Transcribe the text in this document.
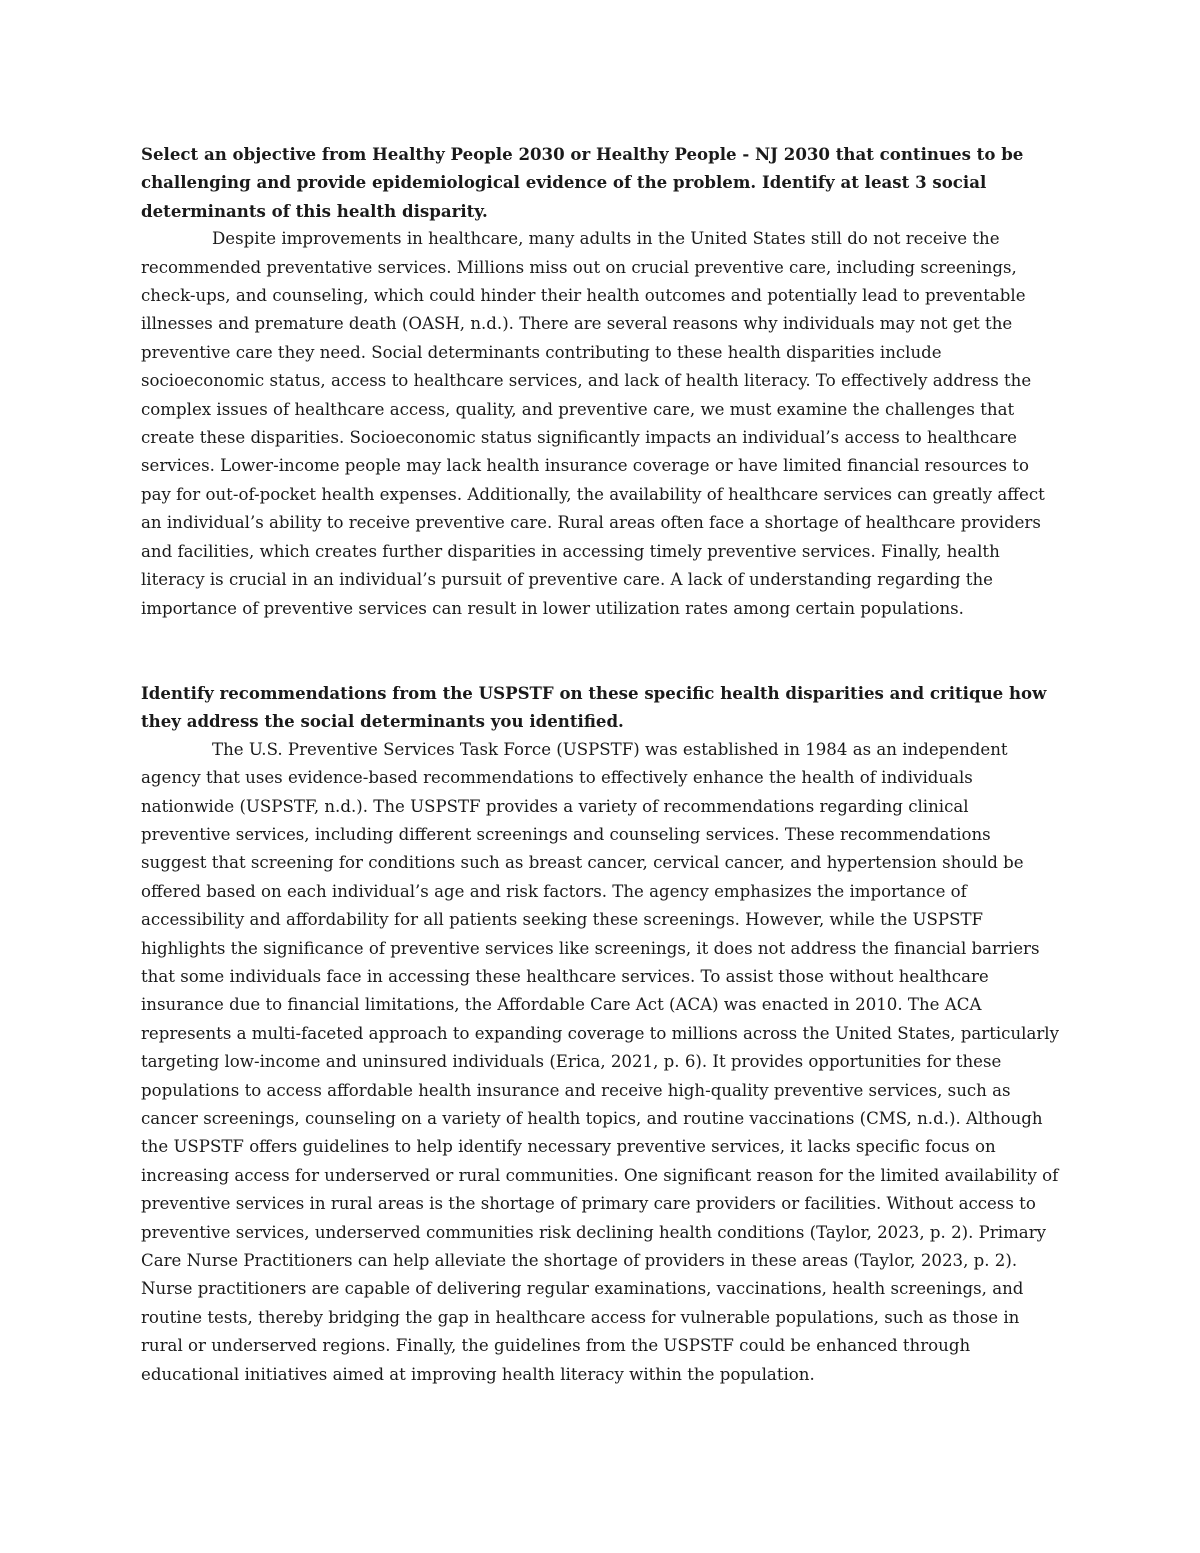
Select an objective from Healthy People 2030 or Healthy People - NJ 2030 that continues to be challenging and provide epidemiological evidence of the problem. Identify at least 3 social determinants of this health disparity.

Despite improvements in healthcare, many adults in the United States still do not receive the recommended preventative services. Millions miss out on crucial preventive care, including screenings, check-ups, and counseling, which could hinder their health outcomes and potentially lead to preventable illnesses and premature death (OASH, n.d.). There are several reasons why individuals may not get the preventive care they need. Social determinants contributing to these health disparities include socioeconomic status, access to healthcare services, and lack of health literacy. To effectively address the complex issues of healthcare access, quality, and preventive care, we must examine the challenges that create these disparities. Socioeconomic status significantly impacts an individual’s access to healthcare services. Lower-income people may lack health insurance coverage or have limited financial resources to pay for out-of-pocket health expenses. Additionally, the availability of healthcare services can greatly affect an individual’s ability to receive preventive care. Rural areas often face a shortage of healthcare providers and facilities, which creates further disparities in accessing timely preventive services. Finally, health literacy is crucial in an individual’s pursuit of preventive care. A lack of understanding regarding the importance of preventive services can result in lower utilization rates among certain populations.

Identify recommendations from the USPSTF on these specific health disparities and critique how they address the social determinants you identified.

The U.S. Preventive Services Task Force (USPSTF) was established in 1984 as an independent agency that uses evidence-based recommendations to effectively enhance the health of individuals nationwide (USPSTF, n.d.). The USPSTF provides a variety of recommendations regarding clinical preventive services, including different screenings and counseling services. These recommendations suggest that screening for conditions such as breast cancer, cervical cancer, and hypertension should be offered based on each individual’s age and risk factors. The agency emphasizes the importance of accessibility and affordability for all patients seeking these screenings. However, while the USPSTF highlights the significance of preventive services like screenings, it does not address the financial barriers that some individuals face in accessing these healthcare services. To assist those without healthcare insurance due to financial limitations, the Affordable Care Act (ACA) was enacted in 2010. The ACA represents a multi-faceted approach to expanding coverage to millions across the United States, particularly targeting low-income and uninsured individuals (Erica, 2021, p. 6). It provides opportunities for these populations to access affordable health insurance and receive high-quality preventive services, such as cancer screenings, counseling on a variety of health topics, and routine vaccinations (CMS, n.d.). Although the USPSTF offers guidelines to help identify necessary preventive services, it lacks specific focus on increasing access for underserved or rural communities. One significant reason for the limited availability of preventive services in rural areas is the shortage of primary care providers or facilities. Without access to preventive services, underserved communities risk declining health conditions (Taylor, 2023, p. 2). Primary Care Nurse Practitioners can help alleviate the shortage of providers in these areas (Taylor, 2023, p. 2). Nurse practitioners are capable of delivering regular examinations, vaccinations, health screenings, and routine tests, thereby bridging the gap in healthcare access for vulnerable populations, such as those in rural or underserved regions. Finally, the guidelines from the USPSTF could be enhanced through educational initiatives aimed at improving health literacy within the population.
